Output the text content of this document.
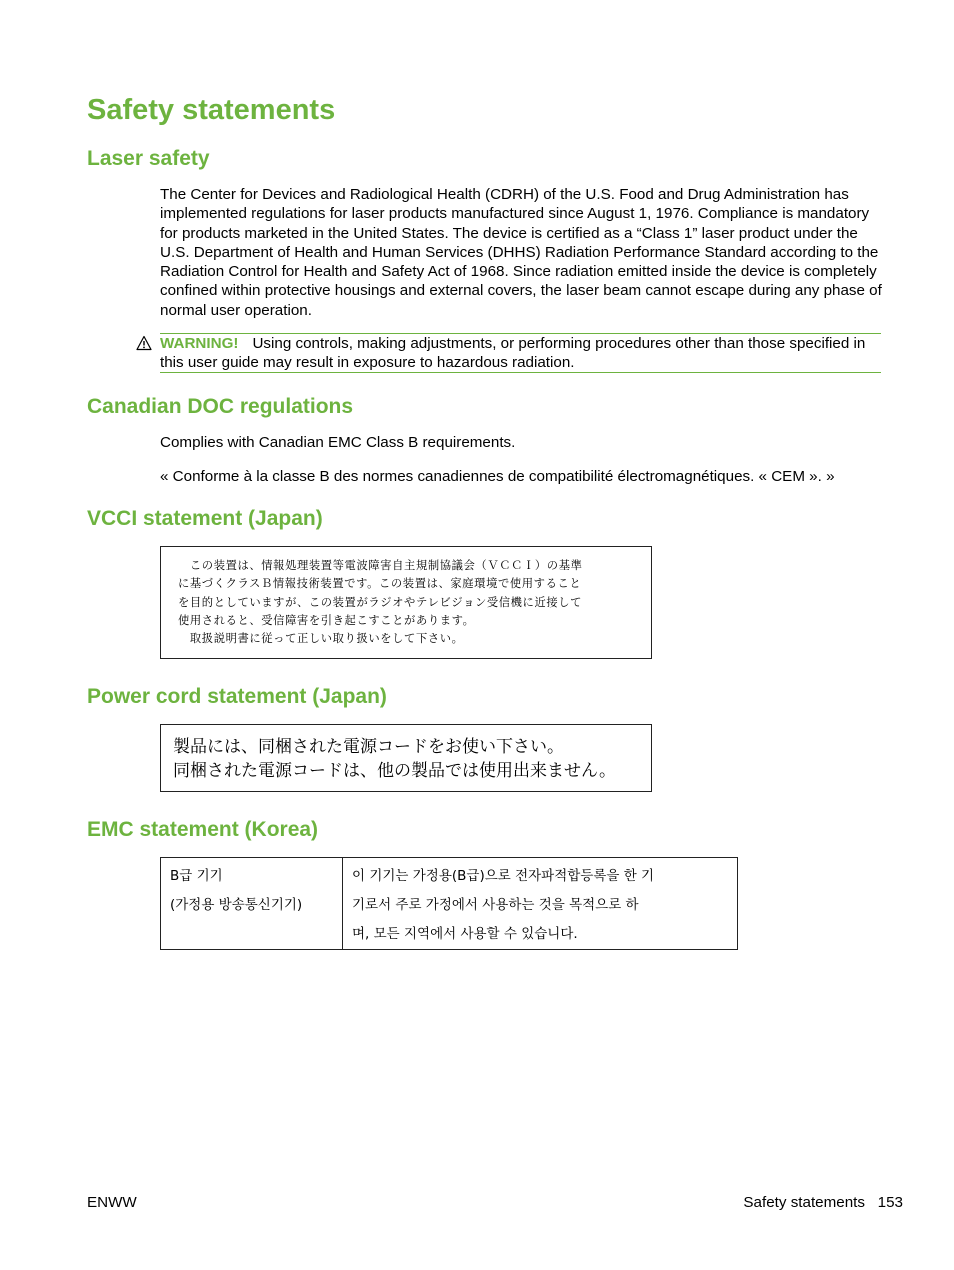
Safety statements
Laser safety

The Center for Devices and Radiological Health (CDRH) of the U.S. Food and Drug Administration has implemented regulations for laser products manufactured since August 1, 1976. Compliance is mandatory for products marketed in the United States. The device is certified as a “Class 1” laser product under the U.S. Department of Health and Human Services (DHHS) Radiation Performance Standard according to the Radiation Control for Health and Safety Act of 1968. Since radiation emitted inside the device is completely confined within protective housings and external covers, the laser beam cannot escape during any phase of normal user operation.

WARNING! Using controls, making adjustments, or performing procedures other than those specified in this user guide may result in exposure to hazardous radiation.
Canadian DOC regulations

Complies with Canadian EMC Class B requirements.

« Conforme à la classe B des normes canadiennes de compatibilité électromagnétiques. « CEM ». »

VCCI statement (Japan)

　この装置は、情報処理装置等電波障害自主規制協議会（ＶＣＣＩ）の基準

に基づくクラスＢ情報技術装置です。この装置は、家庭環境で使用すること

を目的としていますが、この装置がラジオやテレビジョン受信機に近接して

使用されると、受信障害を引き起こすことがあります。

　取扱説明書に従って正しい取り扱いをして下さい。

Power cord statement (Japan)

製品には、同梱された電源コードをお使い下さい。

同梱された電源コードは、他の製品では使用出来ません。

EMC statement (Korea)
B급 기기
(가정용 방송통신기기)

이 기기는 가정용(B급)으로 전자파적합등록을 한 기
기로서 주로 가정에서 사용하는 것을 목적으로 하
며, 모든 지역에서 사용할 수 있습니다.
ENWW	Safety statements 153
